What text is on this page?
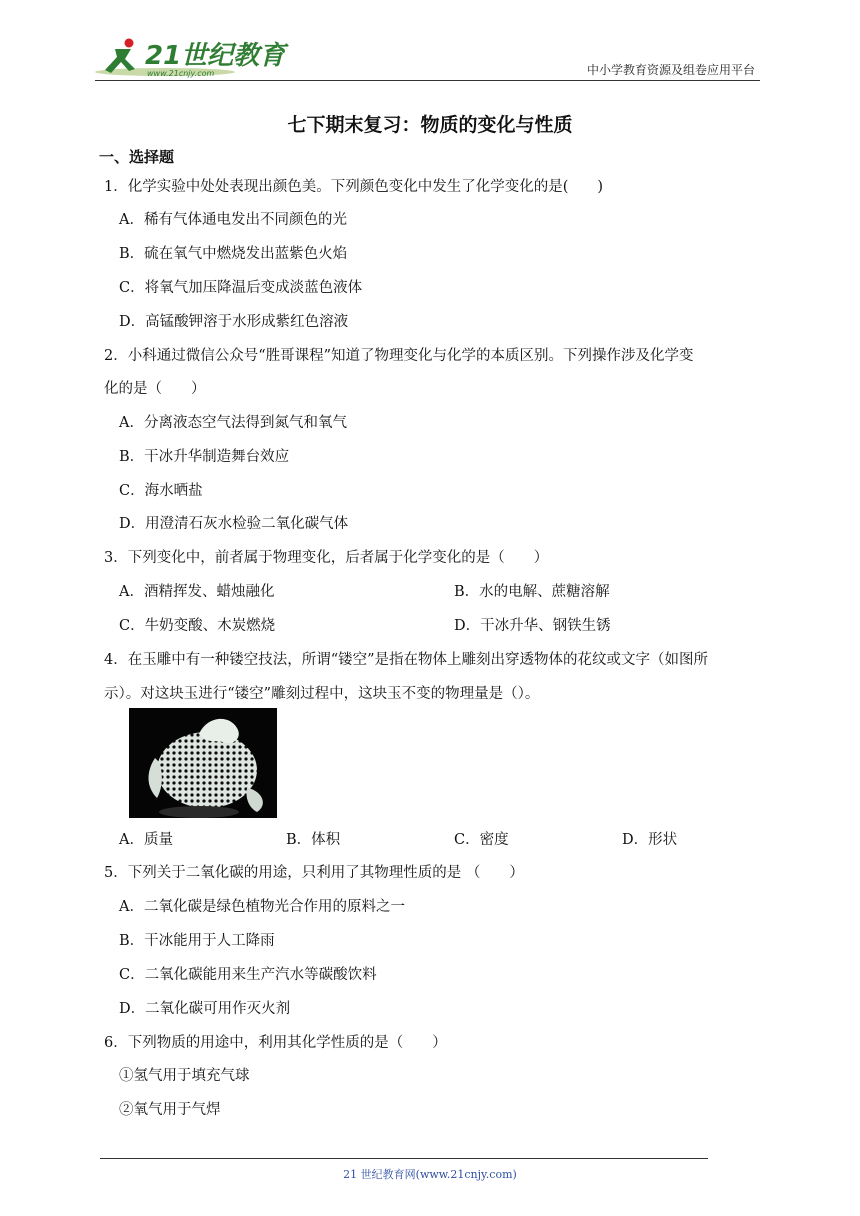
21世纪教育
www.21cnjy.com	中小学教育资源及组卷应用平台
七下期末复习：物质的变化与性质
一、选择题
1．化学实验中处处表现出颜色美。下列颜色变化中发生了化学变化的是(　　)
A．稀有气体通电发出不同颜色的光
B．硫在氧气中燃烧发出蓝紫色火焰
C．将氧气加压降温后变成淡蓝色液体
D．高锰酸钾溶于水形成紫红色溶液
2．小科通过微信公众号“胜哥课程”知道了物理变化与化学的本质区别。下列操作涉及化学变
化的是（　　）
A．分离液态空气法得到氮气和氧气
B．干冰升华制造舞台效应
C．海水晒盐
D．用澄清石灰水检验二氧化碳气体
3．下列变化中，前者属于物理变化，后者属于化学变化的是（　　）
A．酒精挥发、蜡烛融化	B．水的电解、蔗糖溶解
C．牛奶变酸、木炭燃烧	D．干冰升华、钢铁生锈
4．在玉雕中有一种镂空技法，所谓“镂空”是指在物体上雕刻出穿透物体的花纹或文字（如图所
示）。对这块玉进行“镂空”雕刻过程中，这块玉不变的物理量是（）。
A．质量	B．体积	C．密度	D．形状
5．下列关于二氧化碳的用途，只利用了其物理性质的是 （　　）
A．二氧化碳是绿色植物光合作用的原料之一
B．干冰能用于人工降雨
C．二氧化碳能用来生产汽水等碳酸饮料
D．二氧化碳可用作灭火剂
6．下列物质的用途中，利用其化学性质的是（　　）
①氢气用于填充气球
②氧气用于气焊
21 世纪教育网(www.21cnjy.com)
